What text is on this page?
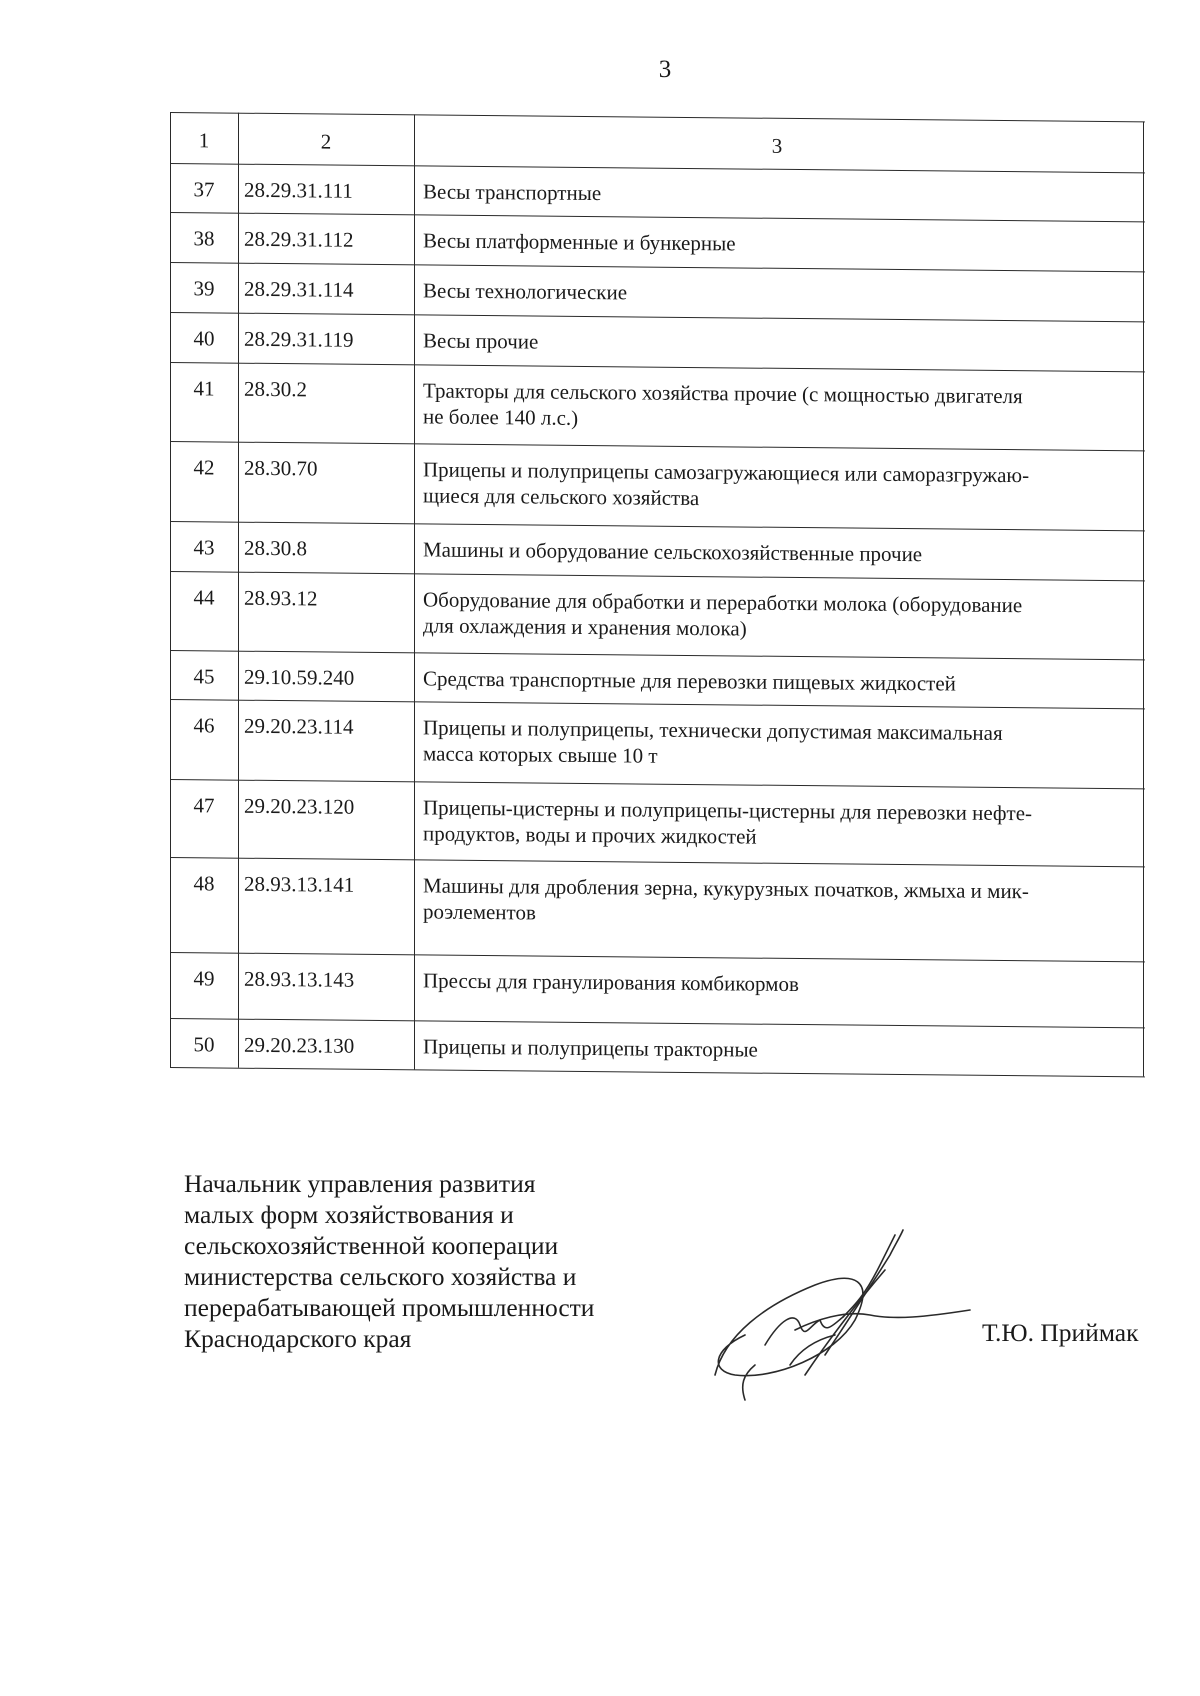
3
1	2	3
37	28.29.31.111	Весы транспортные
38	28.29.31.112	Весы платформенные и бункерные
39	28.29.31.114	Весы технологические
40	28.29.31.119	Весы прочие
41	28.30.2	Тракторы для сельского хозяйства прочие (с мощностью двигателя
не более 140 л.с.)
42	28.30.70	Прицепы и полуприцепы самозагружающиеся или саморазгружаю-
щиеся для сельского хозяйства
43	28.30.8	Машины и оборудование сельскохозяйственные прочие
44	28.93.12	Оборудование для обработки и переработки молока (оборудование
для охлаждения и хранения молока)
45	29.10.59.240	Средства транспортные для перевозки пищевых жидкостей
46	29.20.23.114	Прицепы и полуприцепы, технически допустимая максимальная
масса которых свыше 10 т
47	29.20.23.120	Прицепы-цистерны и полуприцепы-цистерны для перевозки нефте-
продуктов, воды и прочих жидкостей
48	28.93.13.141	Машины для дробления зерна, кукурузных початков, жмыха и мик-
роэлементов
49	28.93.13.143	Прессы для гранулирования комбикормов
50	29.20.23.130	Прицепы и полуприцепы тракторные
Начальник управления развития
малых форм хозяйствования и
сельскохозяйственной кооперации
министерства сельского хозяйства и
перерабатывающей промышленности
Краснодарского края	Т.Ю. Приймак
